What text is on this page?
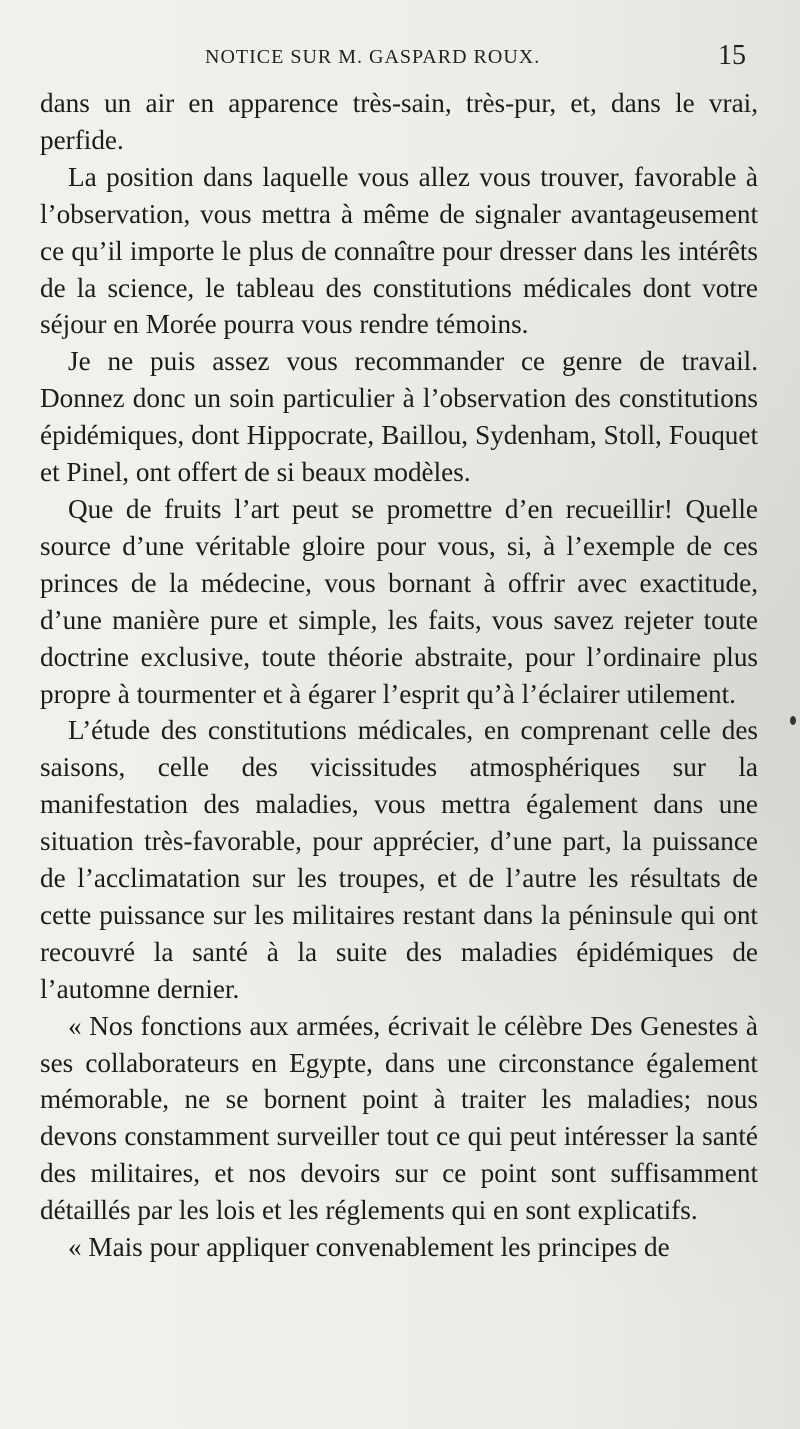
NOTICE SUR M. GASPARD ROUX.	15

dans un air en apparence très-sain, très-pur, et, dans le vrai, perfide.

La position dans laquelle vous allez vous trouver, favorable à l’observation, vous mettra à même de signaler avantageusement ce qu’il importe le plus de connaître pour dresser dans les intérêts de la science, le tableau des constitutions médicales dont votre séjour en Morée pourra vous rendre témoins.

Je ne puis assez vous recommander ce genre de travail. Donnez donc un soin particulier à l’observation des constitutions épidémiques, dont Hippocrate, Baillou, Sydenham, Stoll, Fouquet et Pinel, ont offert de si beaux modèles.

Que de fruits l’art peut se promettre d’en recueillir! Quelle source d’une véritable gloire pour vous, si, à l’exemple de ces princes de la médecine, vous bornant à offrir avec exactitude, d’une manière pure et simple, les faits, vous savez rejeter toute doctrine exclusive, toute théorie abstraite, pour l’ordinaire plus propre à tourmenter et à égarer l’esprit qu’à l’éclairer utilement.

L’étude des constitutions médicales, en comprenant celle des saisons, celle des vicissitudes atmosphériques sur la manifestation des maladies, vous mettra également dans une situation très-favorable, pour apprécier, d’une part, la puissance de l’acclimatation sur les troupes, et de l’autre les résultats de cette puissance sur les militaires restant dans la péninsule qui ont recouvré la santé à la suite des maladies épidémiques de l’automne dernier.

« Nos fonctions aux armées, écrivait le célèbre Des Genestes à ses collaborateurs en Egypte, dans une circonstance également mémorable, ne se bornent point à traiter les maladies; nous devons constamment surveiller tout ce qui peut intéresser la santé des militaires, et nos devoirs sur ce point sont suffisamment détaillés par les lois et les réglements qui en sont explicatifs.

« Mais pour appliquer convenablement les principes de
